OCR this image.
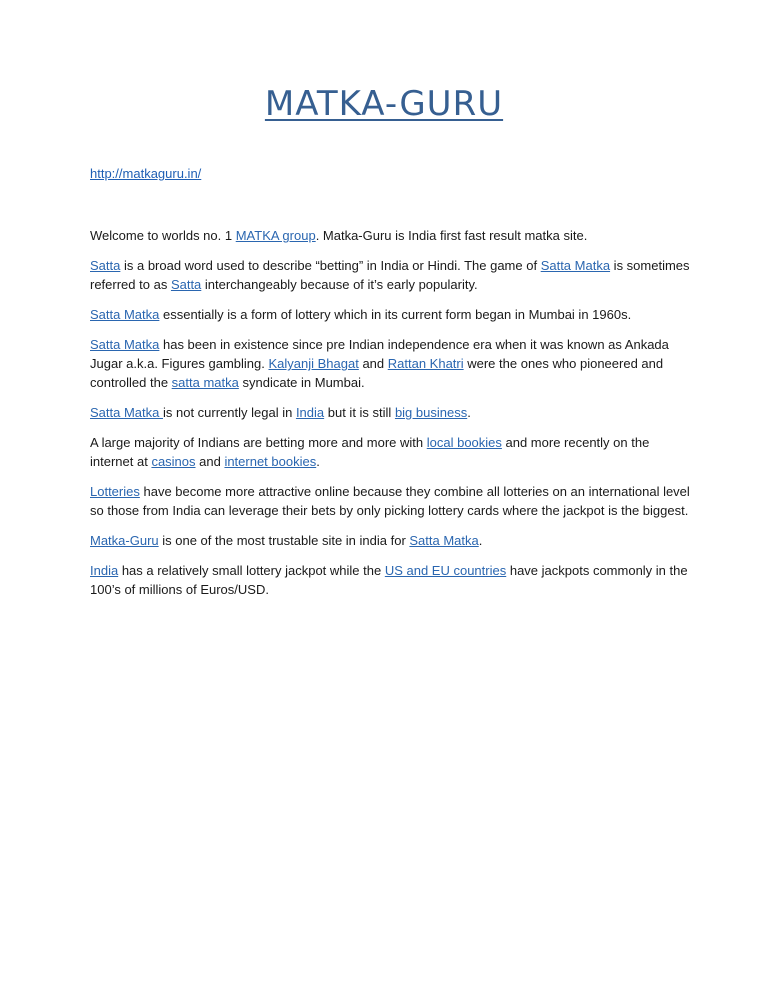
MATKA-GURU
http://matkaguru.in/

Welcome to worlds no. 1 MATKA group. Matka-Guru is India first fast result matka site.

Satta is a broad word used to describe “betting” in India or Hindi. The game of Satta Matka is sometimes referred to as Satta interchangeably because of it’s early popularity.

Satta Matka essentially is a form of lottery which in its current form began in Mumbai in 1960s.

Satta Matka has been in existence since pre Indian independence era when it was known as Ankada Jugar a.k.a. Figures gambling. Kalyanji Bhagat and Rattan Khatri were the ones who pioneered and controlled the satta matka syndicate in Mumbai.

Satta Matka is not currently legal in India but it is still big business.

A large majority of Indians are betting more and more with local bookies and more recently on the internet at casinos and internet bookies.

Lotteries have become more attractive online because they combine all lotteries on an international level so those from India can leverage their bets by only picking lottery cards where the jackpot is the biggest.

Matka-Guru is one of the most trustable site in india for Satta Matka.

India has a relatively small lottery jackpot while the US and EU countries have jackpots commonly in the 100’s of millions of Euros/USD.
